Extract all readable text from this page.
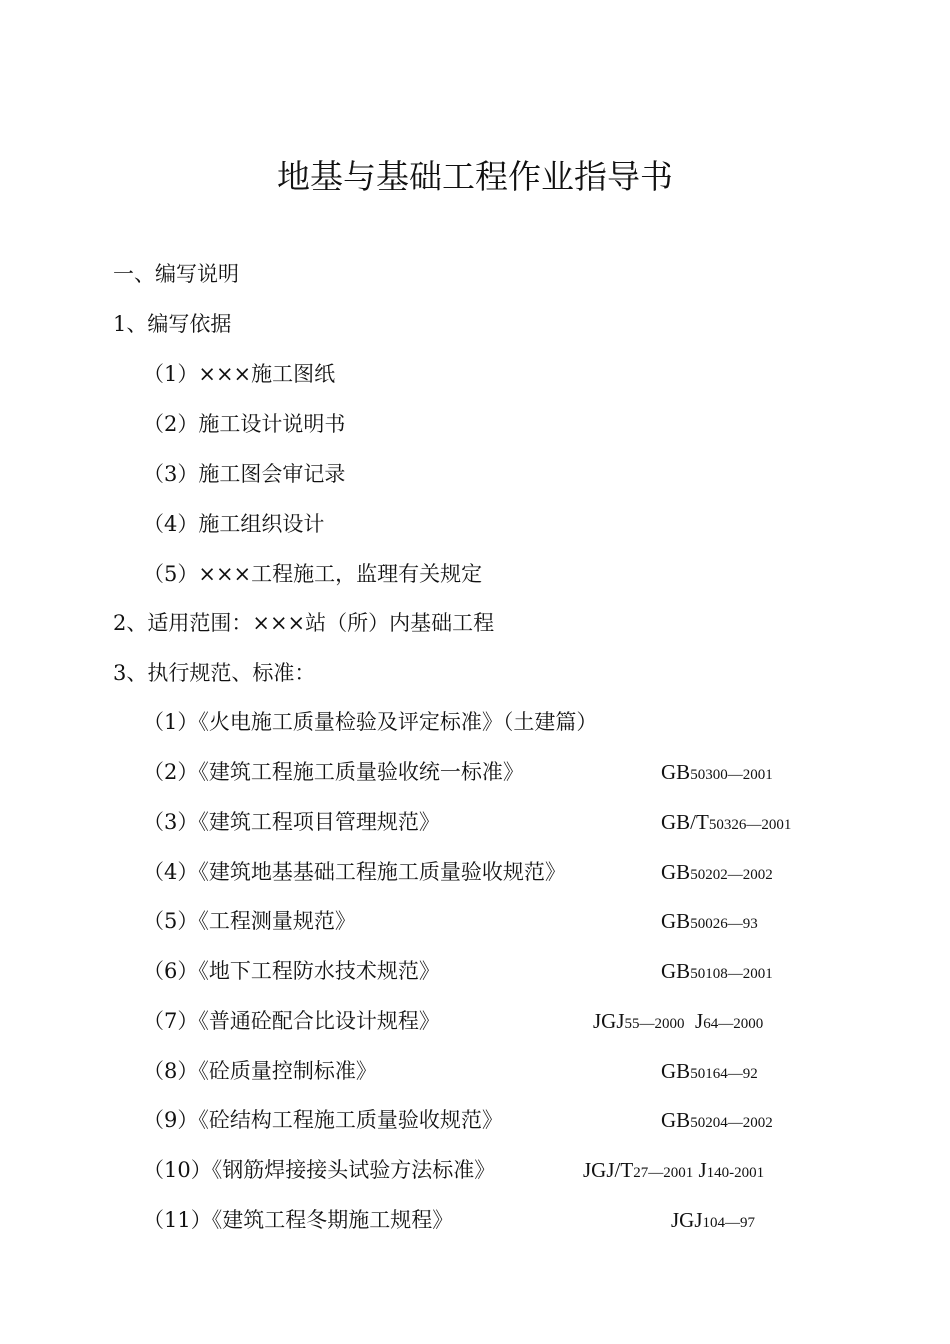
地基与基础工程作业指导书
一、编写说明
1、编写依据
（1）×××施工图纸
（2）施工设计说明书
（3）施工图会审记录
（4）施工组织设计
（5）×××工程施工，监理有关规定
2、适用范围：×××站（所）内基础工程
3、执行规范、标准：
（1）《火电施工质量检验及评定标准》（土建篇）
（2）《建筑工程施工质量验收统一标准》	GB50300—2001
（3）《建筑工程项目管理规范》	GB/T50326—2001
（4）《建筑地基基础工程施工质量验收规范》	GB50202—2002
（5）《工程测量规范》	GB50026—93
（6）《地下工程防水技术规范》	GB50108—2001
（7）《普通砼配合比设计规程》	JGJ55—2000 J64—2000
（8）《砼质量控制标准》	GB50164—92
（9）《砼结构工程施工质量验收规范》	GB50204—2002
（10）《钢筋焊接接头试验方法标准》	JGJ/T27—2001 J140-2001
（11）《建筑工程冬期施工规程》	JGJ104—97
